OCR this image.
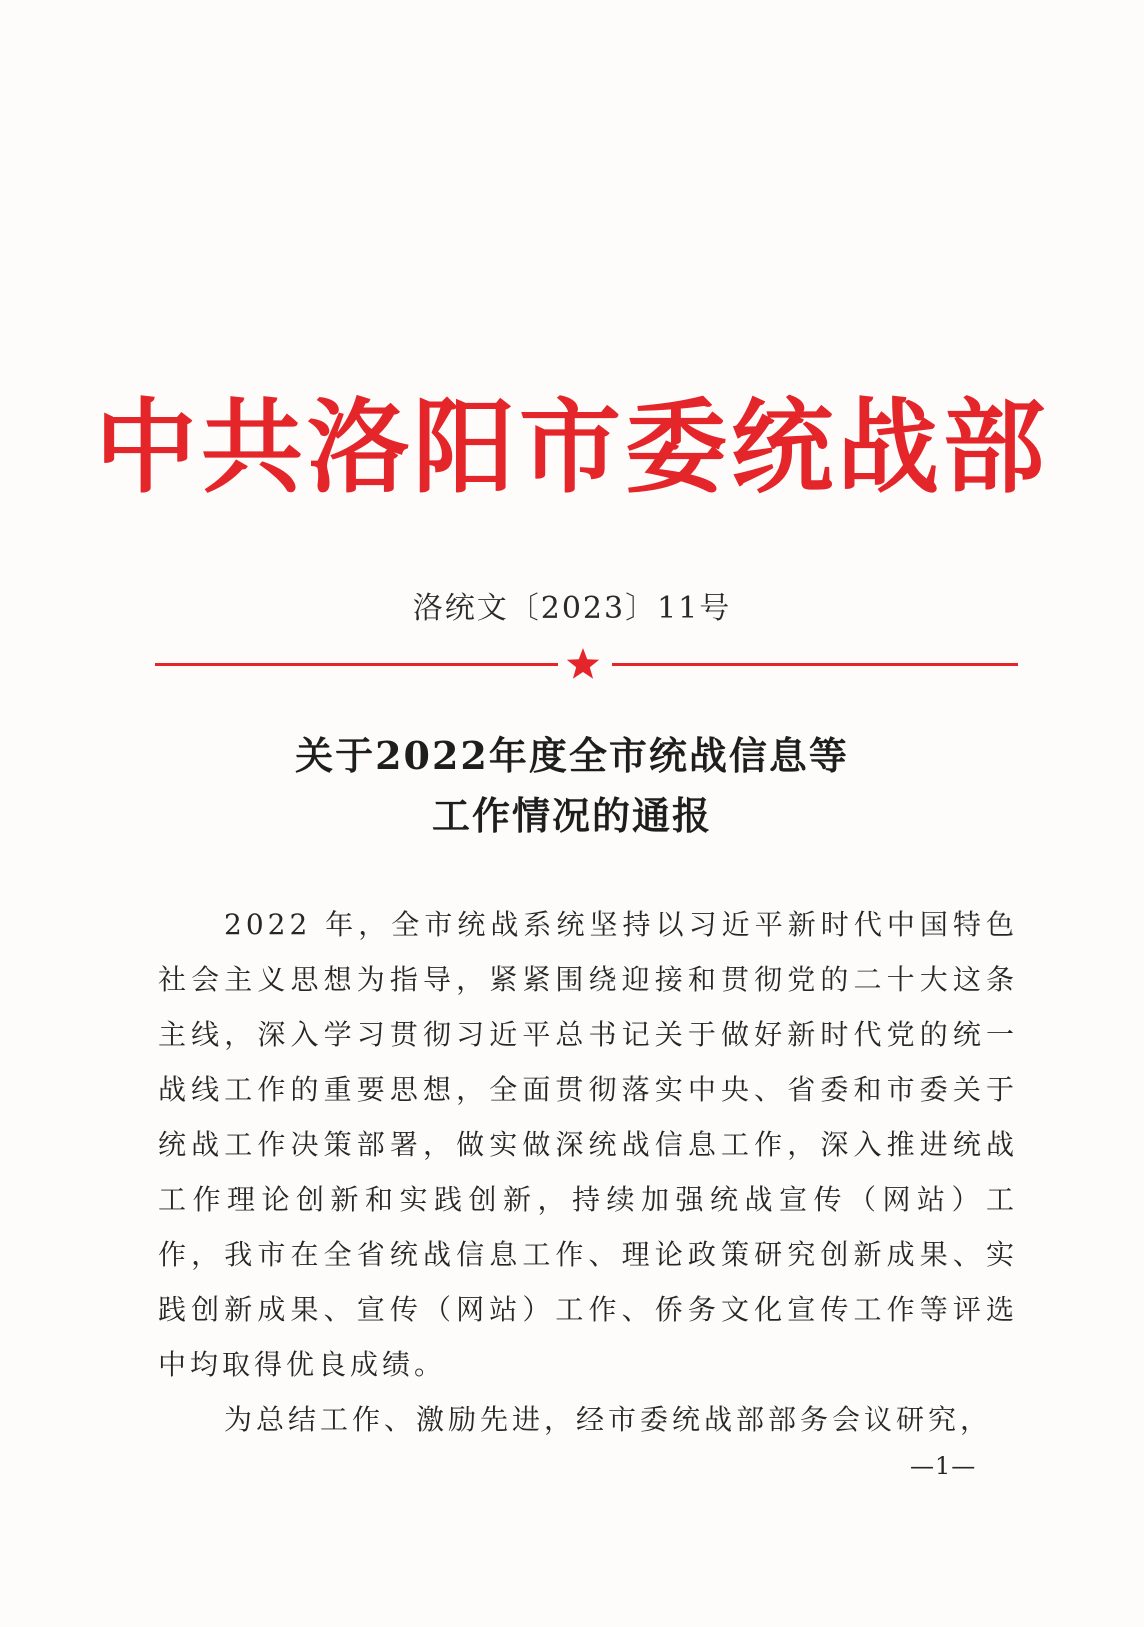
中共洛阳市委统战部
洛统文〔2023〕11号
关于2022年度全市统战信息等
工作情况的通报
2022 年，全市统战系统坚持以习近平新时代中国特色社会主义思想为指导，紧紧围绕迎接和贯彻党的二十大这条主线，深入学习贯彻习近平总书记关于做好新时代党的统一战线工作的重要思想，全面贯彻落实中央、省委和市委关于统战工作决策部署，做实做深统战信息工作，深入推进统战工作理论创新和实践创新，持续加强统战宣传（网站）工作，我市在全省统战信息工作、理论政策研究创新成果、实践创新成果、宣传（网站）工作、侨务文化宣传工作等评选中均取得优良成绩。
为总结工作、激励先进，经市委统战部部务会议研究，
—1—
